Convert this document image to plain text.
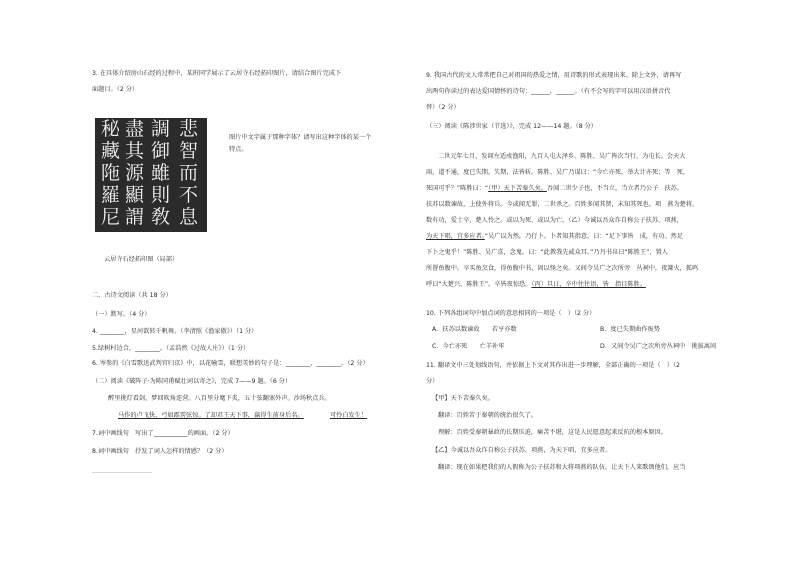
3. 在具体介绍房山石经的过程中，某班同学展示了云居寺石经拓印图片，请结合图片完成下
面题目。（2 分）
秘
藏
陁
羅
尼
盡
其
源
顯
謂
調
御
雖
則
敎
悲
智
而
不
息
图片中文字属于那种字体？请写出这种字体的某一个
特点。
云居寺石经拓印图（局部）
二、古诗文阅读（共 18 分）
（一）默写。（4 分）
4. ________，星河欲转千帆舞。（李清照《渔家傲》）（1 分）
5.绿树村边合，________。（孟浩然《过故人庄》）（1 分）
6. 岑参的《白雪歌送武判官归京》中，以花喻雪，联想美妙的句子是：________，________。（2 分）
（二）阅读《破阵子·为陈同甫赋壮词以寄之》，完成 7——9 题。（6 分）
醉里挑灯看剑，梦回吹角连营。八百里分麾下炙，五十弦翻塞外声。沙场秋点兵。
马作的卢飞快，弓如霹雳弦惊。了却君王天下事，赢得生前身后名。	可怜白发生！
7.词中画线句　写出了___________的画面。（2 分）
8.词中画线句　抒发了词人怎样的情感？（2 分）
9. 我国古代的文人常常把自己对祖国的热爱之情，用诗歌的形式表现出来。除上文外，请再写
出两句你读过的表达爱国情怀的诗句：______，______。（有不会写的字可以用汉语拼音代
替）（2 分）
（三）阅读《陈涉世家（节选）》，完成 12——14 题。（8 分）
二世元年七月，发闾左适戍渔阳，九百人屯大泽乡。陈胜、吴广皆次当行，为屯长。会天大
雨，道不通，度已失期。失期，法皆斩。陈胜、吴广乃谋曰：“今亡亦死，举大计亦死；等　死，
死国可乎？”陈胜曰：“（甲）天下苦秦久矣。吾闻二世少子也，不当立，当立者乃公子　扶苏。
扶苏以数谏故，上使外将兵。今或闻无罪，二世杀之。百姓多闻其贤，未知其死也。项　燕为楚将，
数有功，爱士卒，楚人怜之。或以为死，或以为亡。（乙）今诚以吾众诈自称公子扶苏、项燕，
为天下唱，宜多应者。”吴广以为然，乃行卜。卜者知其指意，曰：“足下事皆　成，有功。然足
下卜之鬼乎！”陈胜、吴广喜，念鬼，曰：“此教我先威众耳。”乃丹书帛曰“陈胜王”，置人
所罾鱼腹中。卒买鱼烹食，得鱼腹中书，固以怪之矣。又间令吴广之次所旁　丛祠中，夜篝火，狐鸣
呼曰“大楚兴，陈胜王”。卒皆夜惊恐。（丙）旦日，卒中往往语，皆　指目陈胜。
10. 下列各组词句中加点词的意思相同的一项是（　）（2 分）
A．扶苏以数谏故　　若亨亦数	B．度已失期曲作废势
C．今亡亦死　　亡羊补牢	D．又间令吴广之次所旁丛祠中　挑拔离间
11. 翻译文中三处划线语句，并依据上下文对其作出进一步理解，全部正确的一项是（　）（2
分）
【甲】天下苦秦久矣。
翻译：百姓苦于秦朝的统治很久了。
理解：百姓受秦朝暴政的长期压迫，痛苦不堪，这是人民愿意起来反抗的根本原因。
【乙】今诚以吾众诈自称公子扶苏、项燕，为天下唱，宜多应者。
翻译：现在如果把我们的人假称为公子扶苏和大将项燕的队伍，让天下人来歌颂他们，应当
